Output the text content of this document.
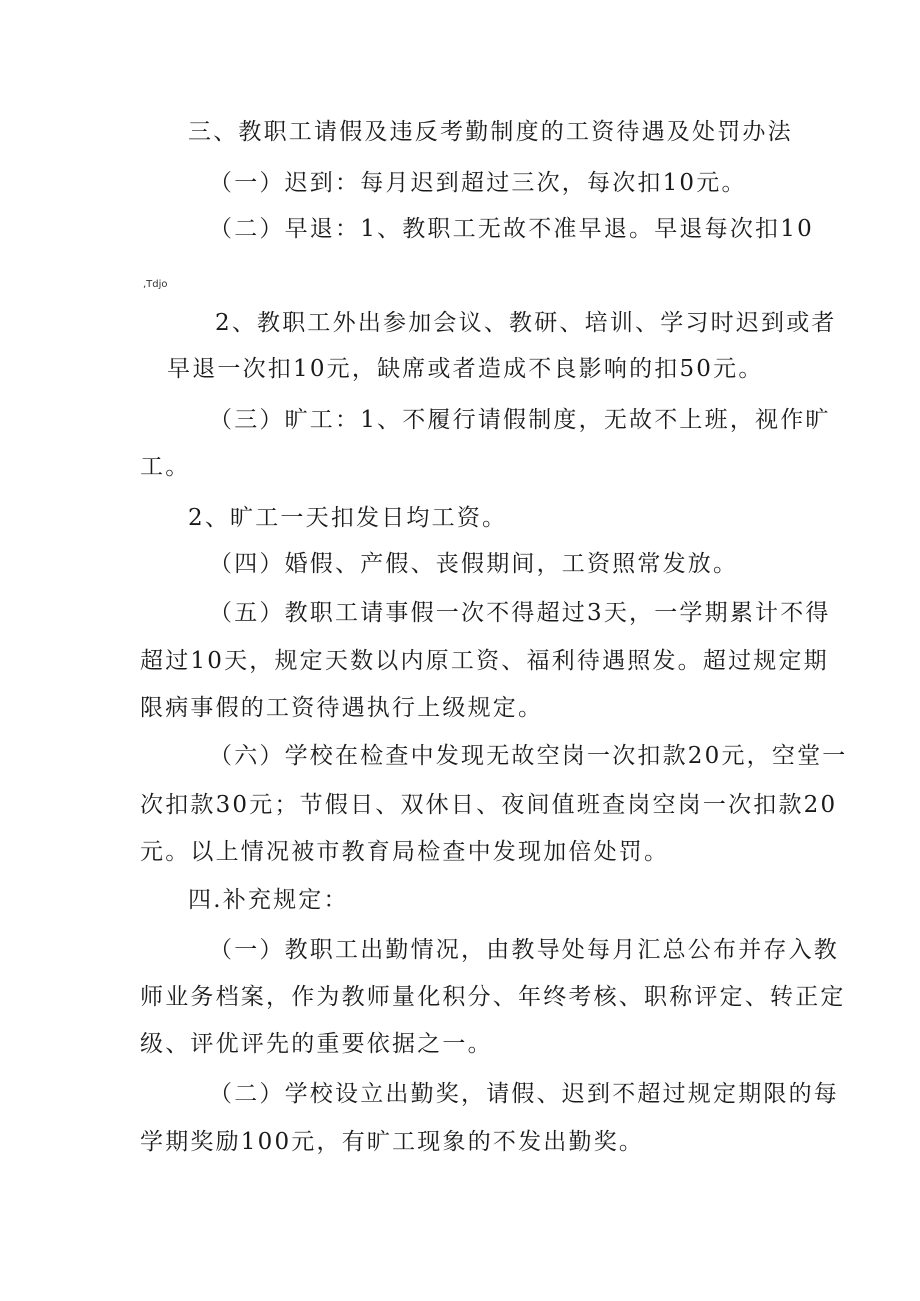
三、教职工请假及违反考勤制度的工资待遇及处罚办法
（一）迟到：每月迟到超过三次，每次扣10元。
（二）早退：1、教职工无故不准早退。早退每次扣10
,Tdjo
2、教职工外出参加会议、教研、培训、学习时迟到或者
早退一次扣10元，缺席或者造成不良影响的扣50元。
（三）旷工：1、不履行请假制度，无故不上班，视作旷
工。
2、旷工一天扣发日均工资。
（四）婚假、产假、丧假期间，工资照常发放。
（五）教职工请事假一次不得超过3天，一学期累计不得
超过10天，规定天数以内原工资、福利待遇照发。超过规定期
限病事假的工资待遇执行上级规定。
（六）学校在检查中发现无故空岗一次扣款20元，空堂一
次扣款30元；节假日、双休日、夜间值班查岗空岗一次扣款20
元。以上情况被市教育局检查中发现加倍处罚。
四.补充规定：
（一）教职工出勤情况，由教导处每月汇总公布并存入教
师业务档案，作为教师量化积分、年终考核、职称评定、转正定
级、评优评先的重要依据之一。
（二）学校设立出勤奖，请假、迟到不超过规定期限的每
学期奖励100元，有旷工现象的不发出勤奖。
